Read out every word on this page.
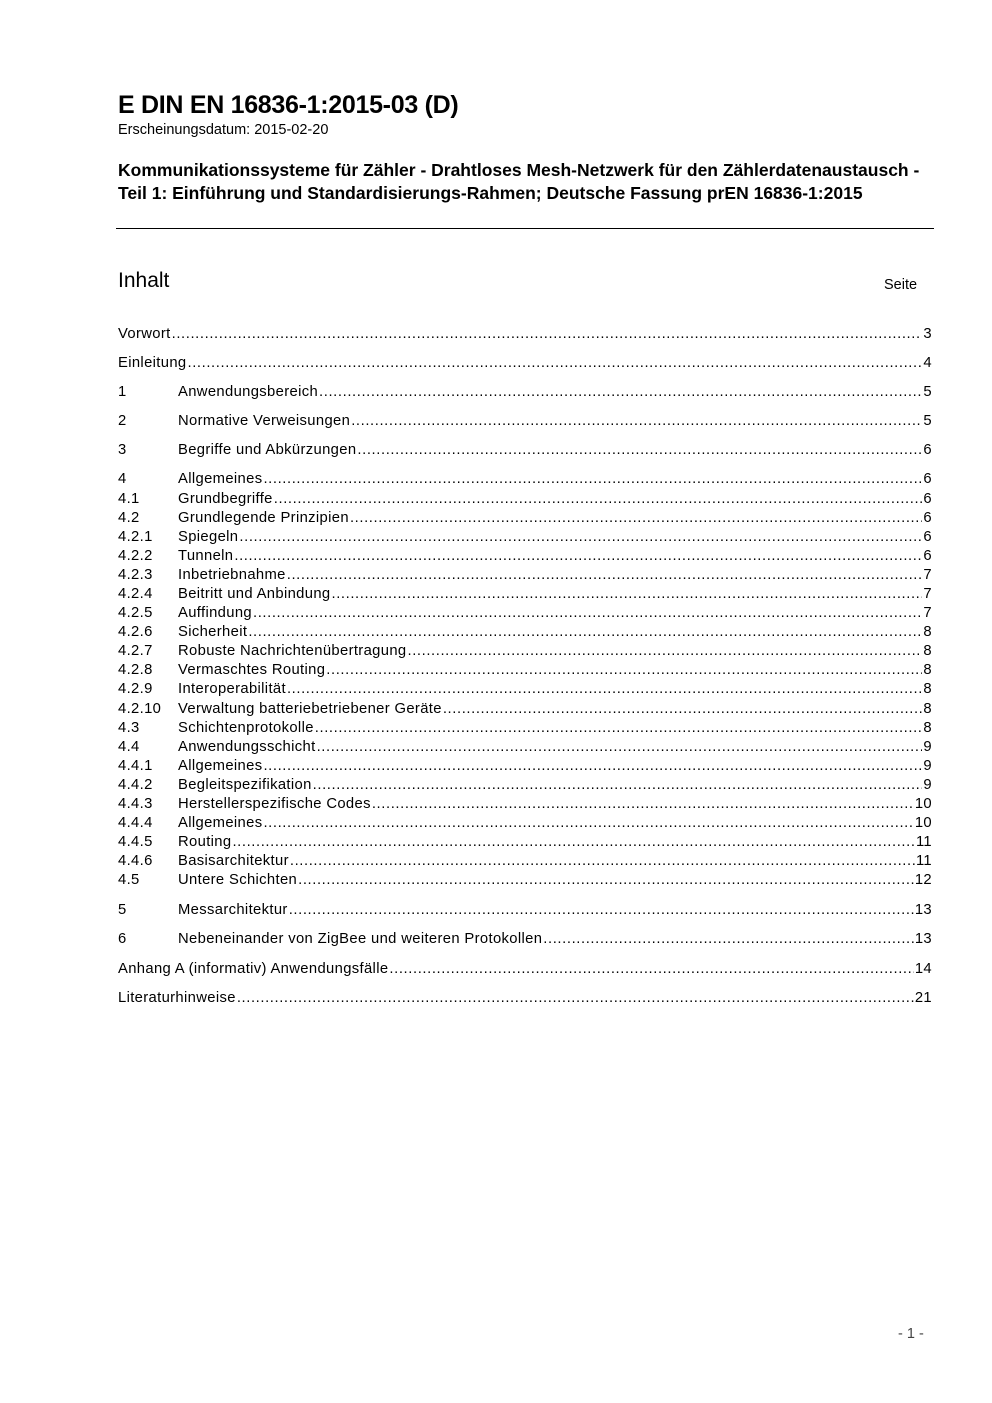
E DIN EN 16836-1:2015-03 (D)
Erscheinungsdatum: 2015-02-20
Kommunikationssysteme für Zähler - Drahtloses Mesh-Netzwerk für den Zählerdatenaustausch - Teil 1: Einführung und Standardisierungs-Rahmen; Deutsche Fassung prEN 16836-1:2015
Inhalt	Seite
Vorwort .....	3
Einleitung .....	4
1	Anwendungsbereich .....	5
2	Normative Verweisungen .....	5
3	Begriffe und Abkürzungen .....	6
4	Allgemeines .....	6
4.1	Grundbegriffe .....	6
4.2	Grundlegende Prinzipien .....	6
4.2.1	Spiegeln .....	6
4.2.2	Tunneln .....	6
4.2.3	Inbetriebnahme .....	7
4.2.4	Beitritt und Anbindung .....	7
4.2.5	Auffindung .....	7
4.2.6	Sicherheit .....	8
4.2.7	Robuste Nachrichtenübertragung .....	8
4.2.8	Vermaschtes Routing .....	8
4.2.9	Interoperabilität .....	8
4.2.10	Verwaltung batteriebetriebener Geräte .....	8
4.3	Schichtenprotokolle .....	8
4.4	Anwendungsschicht .....	9
4.4.1	Allgemeines .....	9
4.4.2	Begleitspezifikation .....	9
4.4.3	Herstellerspezifische Codes .....	10
4.4.4	Allgemeines .....	10
4.4.5	Routing .....	11
4.4.6	Basisarchitektur .....	11
4.5	Untere Schichten .....	12
5	Messarchitektur .....	13
6	Nebeneinander von ZigBee und weiteren Protokollen .....	13
Anhang A (informativ) Anwendungsfälle .....	14
Literaturhinweise .....	21
- 1 -
